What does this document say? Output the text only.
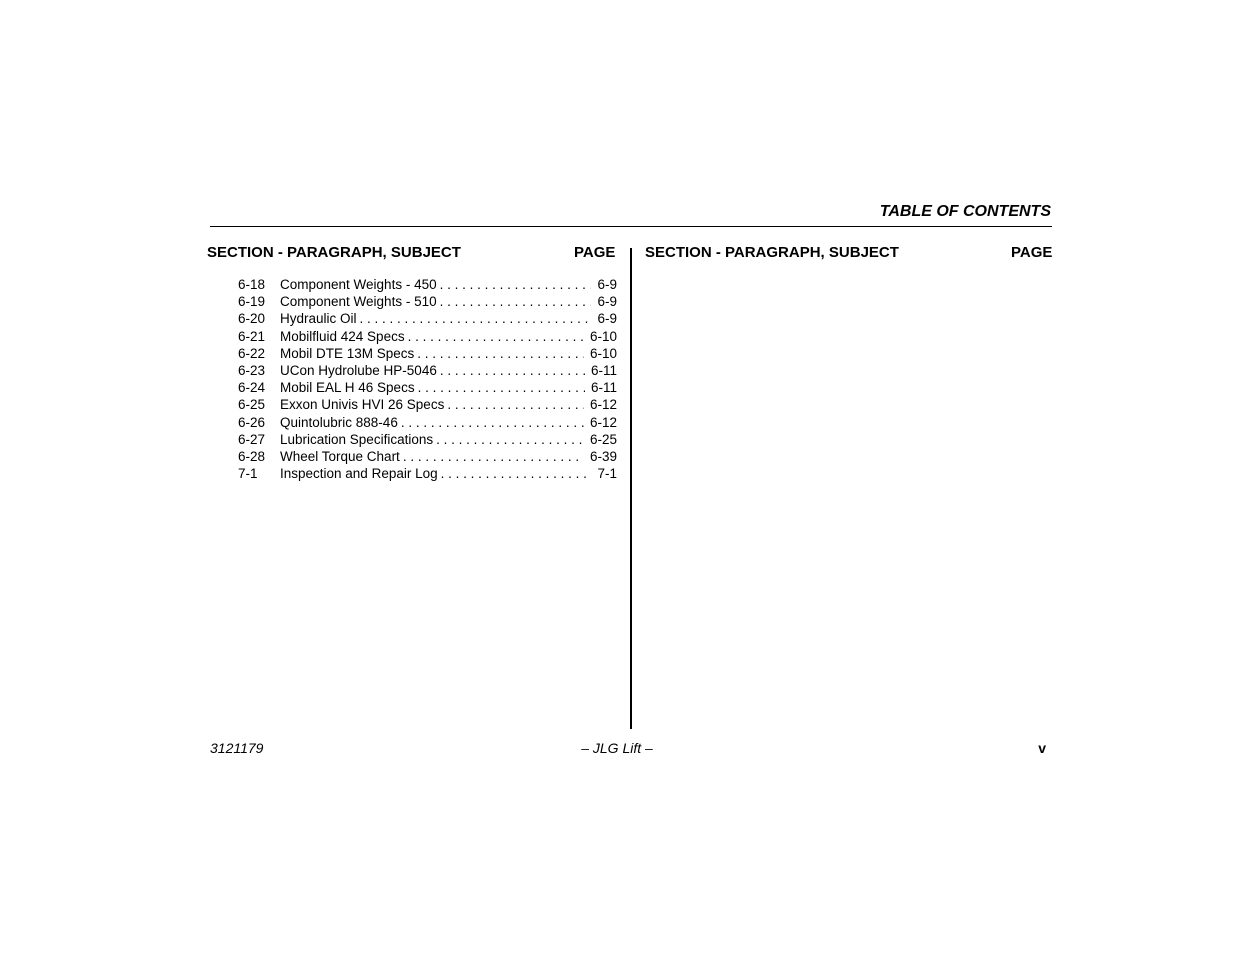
TABLE OF CONTENTS
SECTION - PARAGRAPH, SUBJECT	PAGE SECTION - PARAGRAPH, SUBJECT	PAGE
6-18	Component Weights - 450 . . .	6-9
6-19	Component Weights - 510 . . .	6-9
6-20	Hydraulic Oil . . .	6-9
6-21	Mobilfluid 424 Specs . . .	6-10
6-22	Mobil DTE 13M Specs . . .	6-10
6-23	UCon Hydrolube HP-5046 . . .	6-11
6-24	Mobil EAL H 46 Specs . . .	6-11
6-25	Exxon Univis HVI 26 Specs . . .	6-12
6-26	Quintolubric 888-46 . . .	6-12
6-27	Lubrication Specifications . . .	6-25
6-28	Wheel Torque Chart . . .	6-39
7-1	Inspection and Repair Log . . .	7-1
3121179	– JLG Lift –	v
